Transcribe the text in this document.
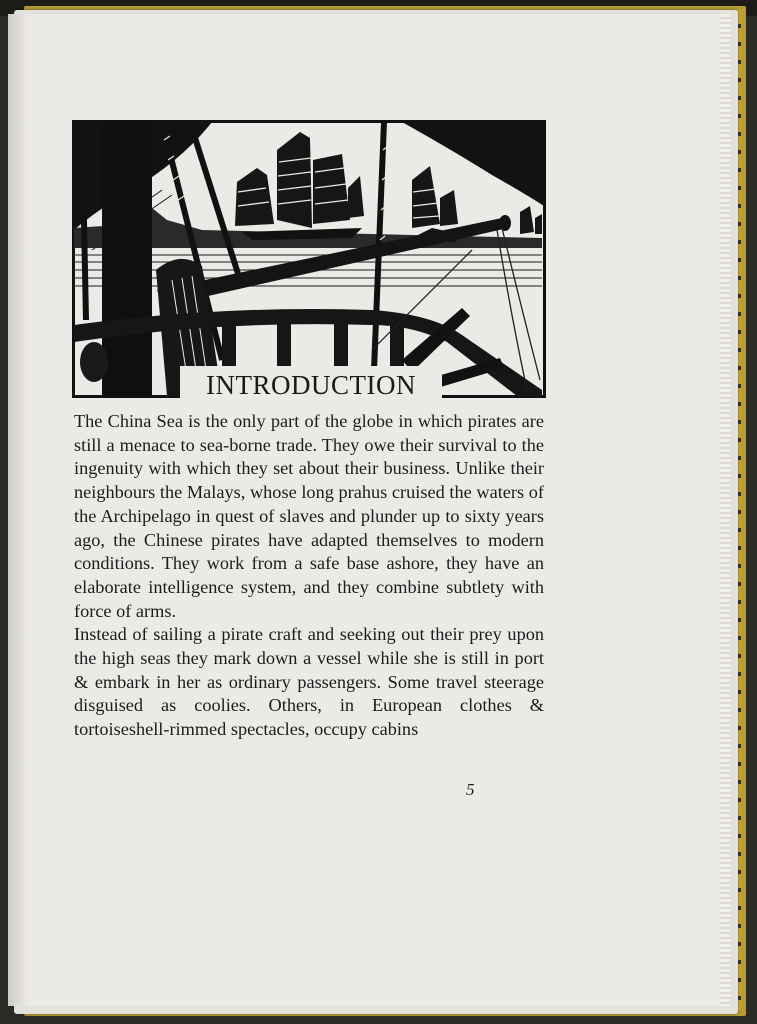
INTRODUCTION

The China Sea is the only part of the globe in which pirates are still a menace to sea-borne trade. They owe their survival to the ingenuity with which they set about their business. Unlike their neighbours the Malays, whose long prahus cruised the waters of the Archipelago in quest of slaves and plunder up to sixty years ago, the Chinese pirates have adapted themselves to modern conditions. They work from a safe base ashore, they have an elaborate intelligence system, and they combine subtlety with force of arms.

Instead of sailing a pirate craft and seeking out their prey upon the high seas they mark down a vessel while she is still in port & embark in her as ordinary passengers. Some travel steerage disguised as coolies. Others, in European clothes & tortoiseshell-rimmed spectacles, occupy cabins

5
